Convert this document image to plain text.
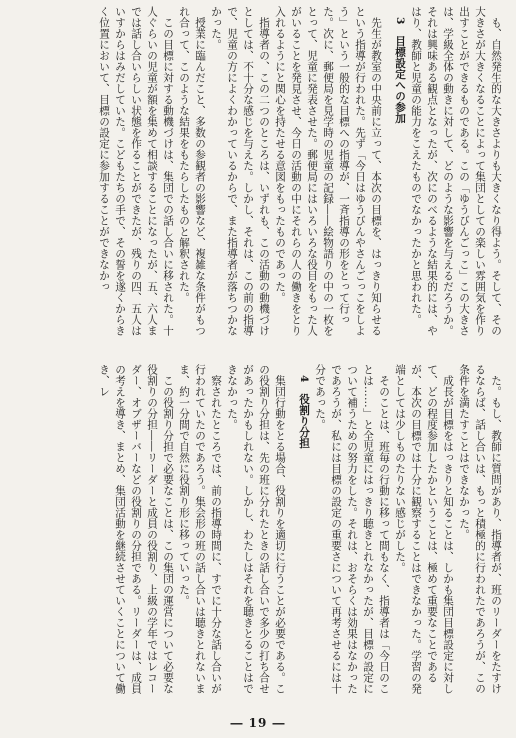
も、自然発生的な大きさよりも大きくなり得よう。そして、その大きさが大きくなることによって集団としての楽しい雰囲気を作り出すことができるものである。この「ゆうびんごっこ」この大きさは、学級全体の動きに対して、どのような影響を与えるだろうか。それは興味ある観点となったが、次にのべるような結果的には、やはり、教師と児童の能力をこえたものでなかったかと思われた。

3　目標設定への参加

先生が教室の中央前に立って、本次の目標を、はっきり知らせるという指導が行われた。先ず「今日はゆうびんやさんごっこをしよう」という一般的な目標への指導が、一斉指導の形をとって行った。次に、郵便局を見学時の児童の記録――絵物語りの中の一枚をとって、児童に発表させた。郵便局にはいろいろな役目をもった人がいることを発見させ、今日の活動の中にそれらの人の働きをとり入れるようにと関心を持たせる意図をもったものであった。

指導者の、この二つのところは、いずれも、この活動の動機づけとしては、不十分な感じを与えた。しかし、それは、この前の指導で、児童の方によくわかっているからで、また指導者が落ちつかなかった。

授業に臨んだこと、多数の参観者の影響など、複雑な条件がもつれ合って、このような結果をもたらしたものと解釈された。

この目標に対する動機づけは、集団での話し合いに移された。十人ぐらいの児童が額を集めて相談することになったが、五、六人までは話し合いらしい状態を作ることができたが、残りの四、五人はいすからはみだしていた。こどもたちの手で、その誓を遂くからきく位置において、目標の設定に参加することができなかっ

た。もし、教師に質問があり、指導者が、班のリーダーをたすけるならば、話し合いは、もっと積極的に行われたであろうが、この条件を満たすことはできなかった。

成長が目標をはっきりと知ることは、しかも集団目標設定に対して、どの程度参加したかということは、極めて重要なことであるが、本次の目標では十分に観察することはできなかった。学習の発端としては少しものたりない感じがした。

そのことは、班毎の行動に移って間もなく、指導者は「今日のことは……」と全児童にはっきり聴きとれなかったが、目標の設定について補うための努力をした。それは、おそらくは効果はなかったであろうが、私には目標の設定の重要さについて再考させるには十分であった。

4　役割り分担

集団行動をとる場合、役割りを適切に行うことが必要である。この役割り分担は、先の班に分れたときの話し合いで多少の打ち合せがあったかもしれない。しかし、わたしはそれを聴きとることはできなかった。

察されたところでは、前の指導時間に、すでに十分な話し合いが行われていたのであろう。集会形の班の話し合いは聴きとれないまま、約一分間で自然に役割り形に移っていった。

この役割り分担で必要なことは、この集団の運営について必要な役割りの分担――リーダーと成員の役割り、上級の学年ではレコーダー、オブザーバーなどの役割りの分担である。リーダーは、成員の考えを導き、まとめ、集団活動を継続させていくことについて働き、レ

― 19 ―
